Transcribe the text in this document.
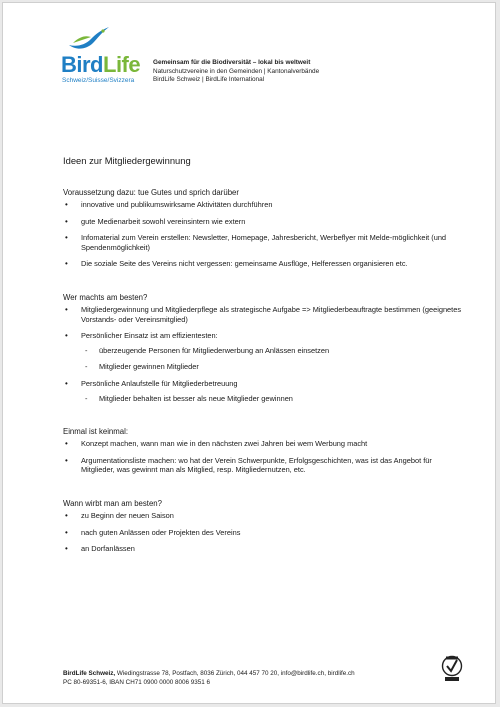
BirdLife
Schweiz/Suisse/Svizzera
Gemeinsam für die Biodiversität – lokal bis weltweit
Naturschutzvereine in den Gemeinden | Kantonalverbände
BirdLife Schweiz | BirdLife International
Ideen zur Mitgliedergewinnung
Voraussetzung dazu: tue Gutes und sprich darüber
• innovative und publikumswirksame Aktivitäten durchführen
• gute Medienarbeit sowohl vereinsintern wie extern
• Infomaterial zum Verein erstellen: Newsletter, Homepage, Jahresbericht, Werbeflyer mit Melde-möglichkeit (und Spendenmöglichkeit)
• Die soziale Seite des Vereins nicht vergessen: gemeinsame Ausflüge, Helferessen organisieren etc.
Wer machts am besten?
• Mitgliedergewinnung und Mitgliederpflege als strategische Aufgabe => Mitgliederbeauftragte bestimmen (geeignetes Vorstands- oder Vereinsmitglied)
• Persönlicher Einsatz ist am effizientesten:
- überzeugende Personen für Mitgliederwerbung an Anlässen einsetzen
- Mitglieder gewinnen Mitglieder
• Persönliche Anlaufstelle für Mitgliederbetreuung
- Mitglieder behalten ist besser als neue Mitglieder gewinnen
Einmal ist keinmal:
• Konzept machen, wann man wie in den nächsten zwei Jahren bei wem Werbung macht
• Argumentationsliste machen: wo hat der Verein Schwerpunkte, Erfolgsgeschichten, was ist das Angebot für Mitglieder, was gewinnt man als Mitglied, resp. Mitgliedernutzen, etc.
Wann wirbt man am besten?
• zu Beginn der neuen Saison
• nach guten Anlässen oder Projekten des Vereins
• an Dorfanlässen
BirdLife Schweiz, Wiedingstrasse 78, Postfach, 8036 Zürich, 044 457 70 20, info@birdlife.ch, birdlife.ch
PC 80-69351-6, IBAN CH71 0900 0000 8006 9351 6
